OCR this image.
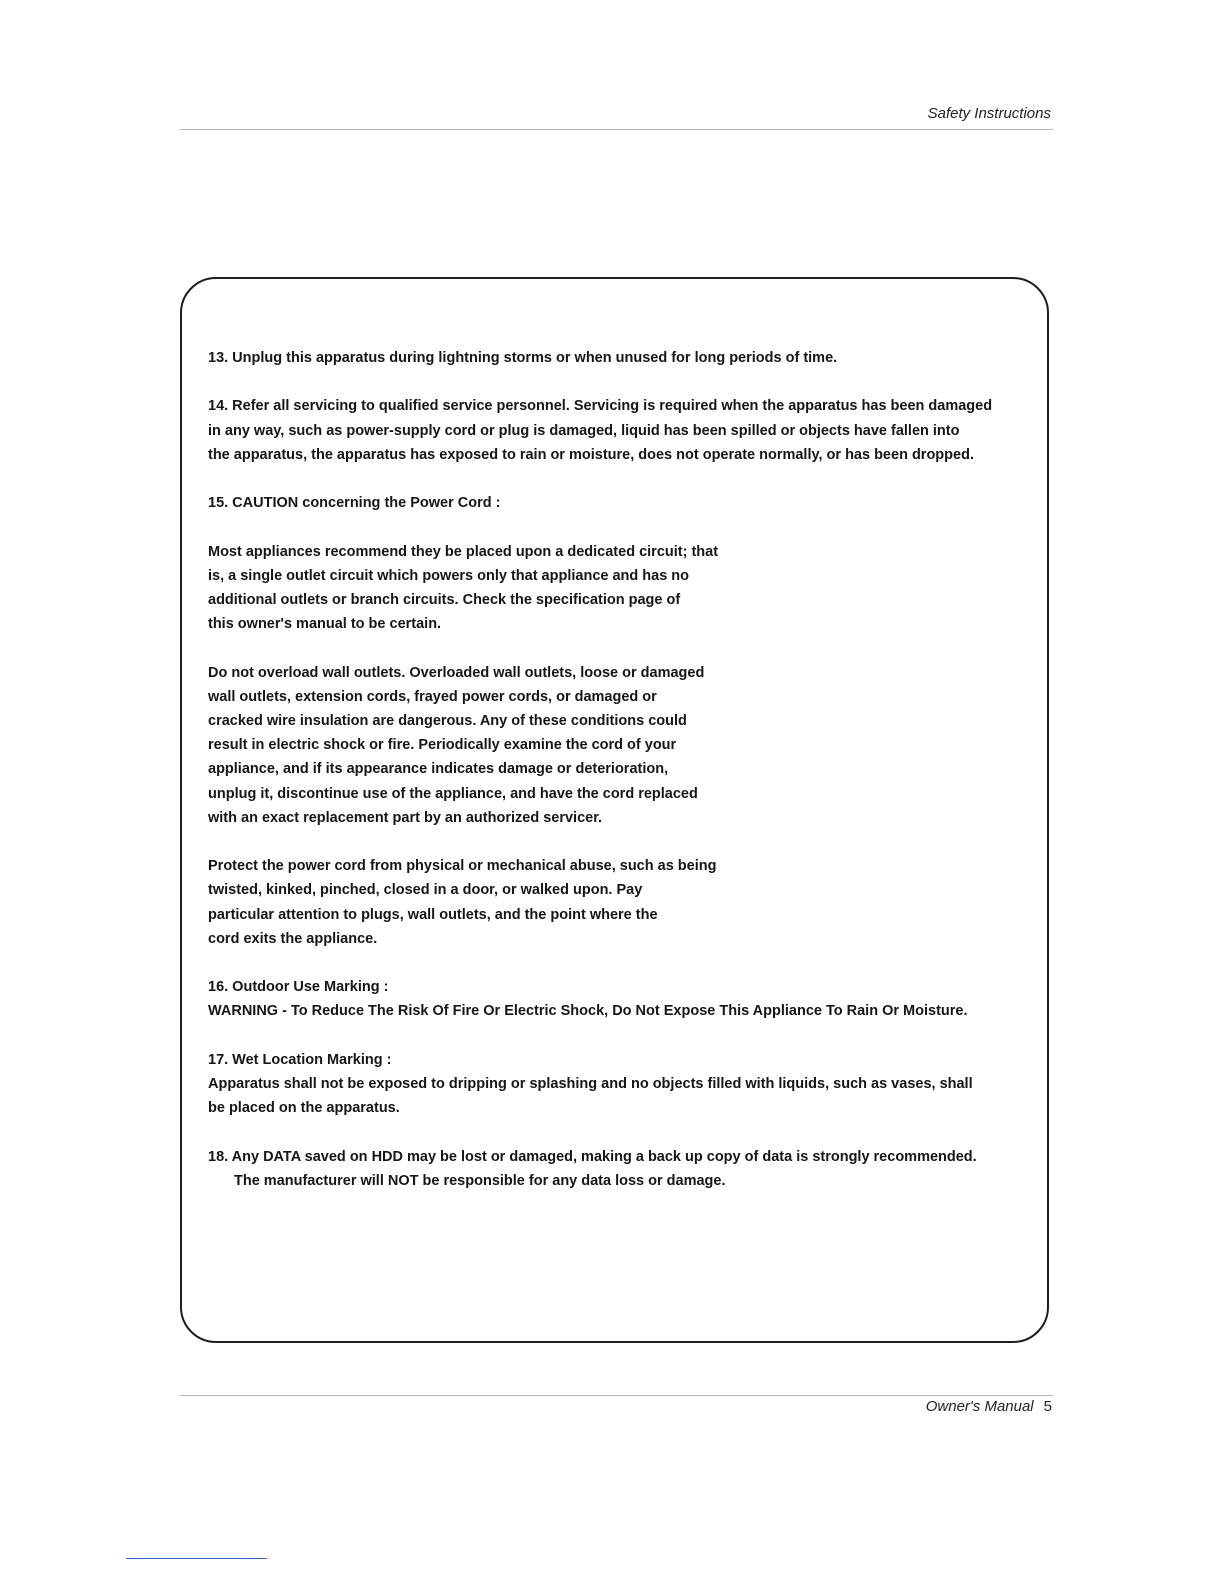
Safety Instructions

13. Unplug this apparatus during lightning storms or when unused for long periods of time.

14. Refer all servicing to qualified service personnel. Servicing is required when the apparatus has been damaged

in any way, such as power-supply cord or plug is damaged, liquid has been spilled or objects have fallen into

the apparatus, the apparatus has exposed to rain or moisture, does not operate normally, or has been dropped.

15. CAUTION concerning the Power Cord :

Most appliances recommend they be placed upon a dedicated circuit; that

is, a single outlet circuit which powers only that appliance and has no

additional outlets or branch circuits. Check the specification page of

this owner's manual to be certain.

Do not overload wall outlets. Overloaded wall outlets, loose or damaged

wall outlets, extension cords, frayed power cords, or damaged or

cracked wire insulation are dangerous. Any of these conditions could

result in electric shock or fire. Periodically examine the cord of your

appliance, and if its appearance indicates damage or deterioration,

unplug it, discontinue use of the appliance, and have the cord replaced

with an exact replacement part by an authorized servicer.

Protect the power cord from physical or mechanical abuse, such as being

twisted, kinked, pinched, closed in a door, or walked upon. Pay

particular attention to plugs, wall outlets, and the point where the

cord exits the appliance.

16. Outdoor Use Marking :

WARNING - To Reduce The Risk Of Fire Or Electric Shock, Do Not Expose This Appliance To Rain Or Moisture.

17. Wet Location Marking :

Apparatus shall not be exposed to dripping or splashing and no objects filled with liquids, such as vases, shall

be placed on the apparatus.

18. Any DATA saved on HDD may be lost or damaged, making a back up copy of data is strongly recommended.

The manufacturer will NOT be responsible for any data loss or damage.

Owner's Manual 5
